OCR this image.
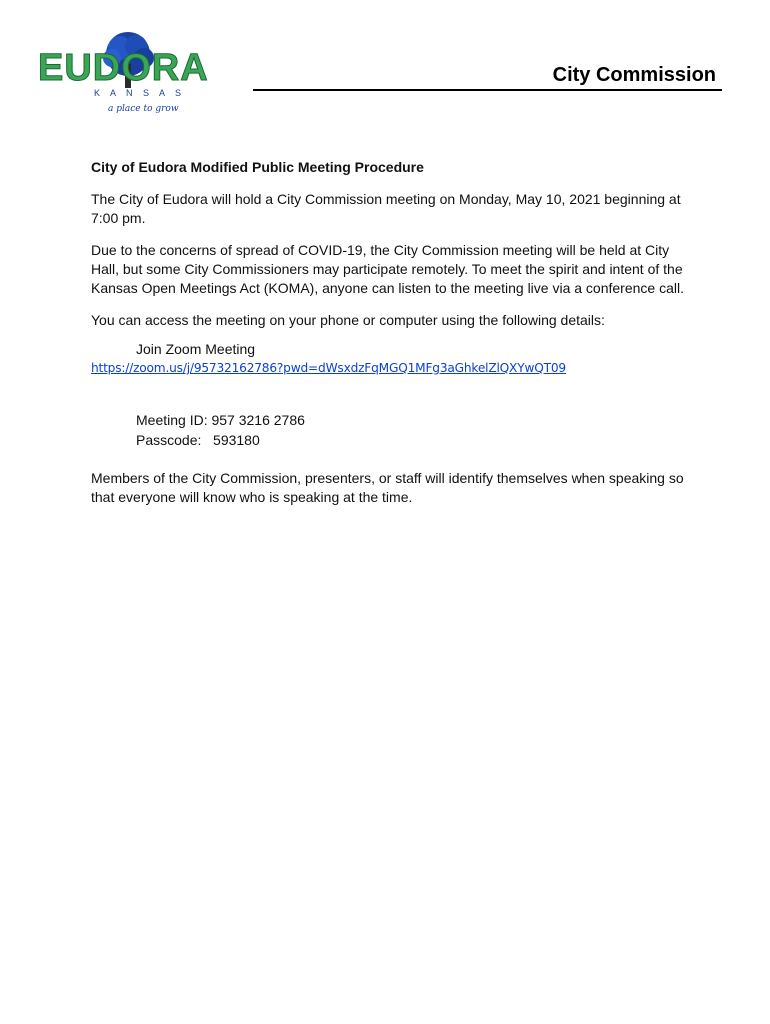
EUDORA
K A N S A S
a place to grow
City Commission

City of Eudora Modified Public Meeting Procedure

The City of Eudora will hold a City Commission meeting on Monday, May 10, 2021 beginning at 7:00 pm.

Due to the concerns of spread of COVID-19, the City Commission meeting will be held at City Hall, but some City Commissioners may participate remotely. To meet the spirit and intent of the Kansas Open Meetings Act (KOMA), anyone can listen to the meeting live via a conference call.

You can access the meeting on your phone or computer using the following details:

Join Zoom Meeting
https://zoom.us/j/95732162786?pwd=dWsxdzFqMGQ1MFg3aGhkelZlQXYwQT09
Meeting ID: 957 3216 2786
Passcode:   593180

Members of the City Commission, presenters, or staff will identify themselves when speaking so that everyone will know who is speaking at the time.
